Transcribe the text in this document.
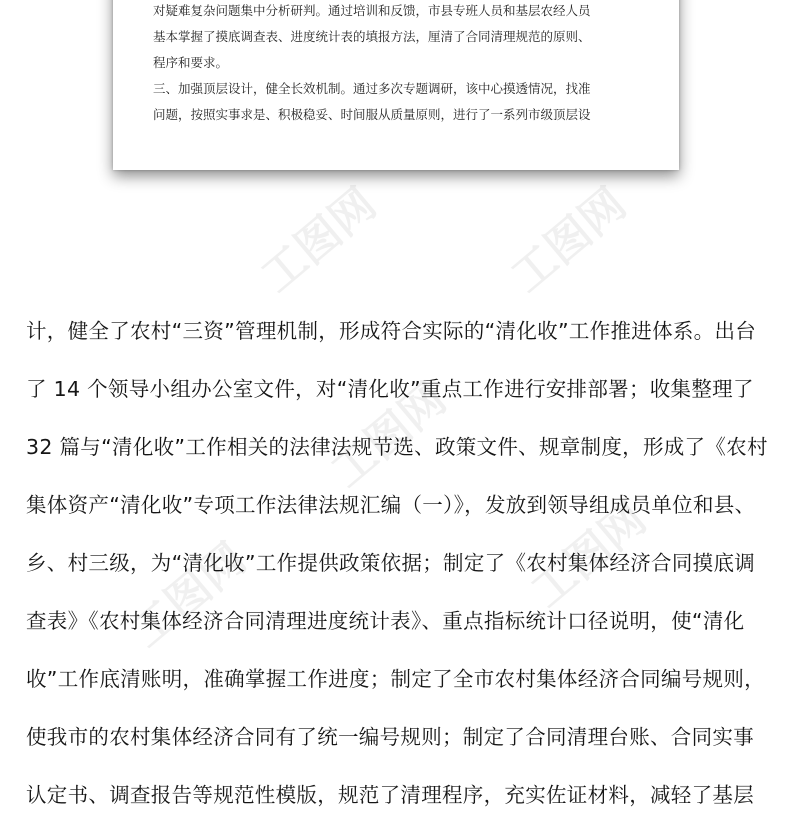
对疑难复杂问题集中分析研判。通过培训和反馈，市县专班人员和基层农经人员
基本掌握了摸底调查表、进度统计表的填报方法，厘清了合同清理规范的原则、
程序和要求。
三、加强顶层设计，健全长效机制。通过多次专题调研，该中心摸透情况，找准
问题，按照实事求是、积极稳妥、时间服从质量原则，进行了一系列市级顶层设
工图网	工图网
工图网
工图网	工图网
计，健全了农村“三资”管理机制，形成符合实际的“清化收”工作推进体系。出台
了 14 个领导小组办公室文件，对“清化收”重点工作进行安排部署；收集整理了
32 篇与“清化收”工作相关的法律法规节选、政策文件、规章制度，形成了《农村
集体资产“清化收”专项工作法律法规汇编（一）》，发放到领导组成员单位和县、
乡、村三级，为“清化收”工作提供政策依据；制定了《农村集体经济合同摸底调
查表》《农村集体经济合同清理进度统计表》、重点指标统计口径说明，使“清化
收”工作底清账明，准确掌握工作进度；制定了全市农村集体经济合同编号规则，
使我市的农村集体经济合同有了统一编号规则；制定了合同清理台账、合同实事
认定书、调查报告等规范性模版，规范了清理程序，充实佐证材料，减轻了基层
